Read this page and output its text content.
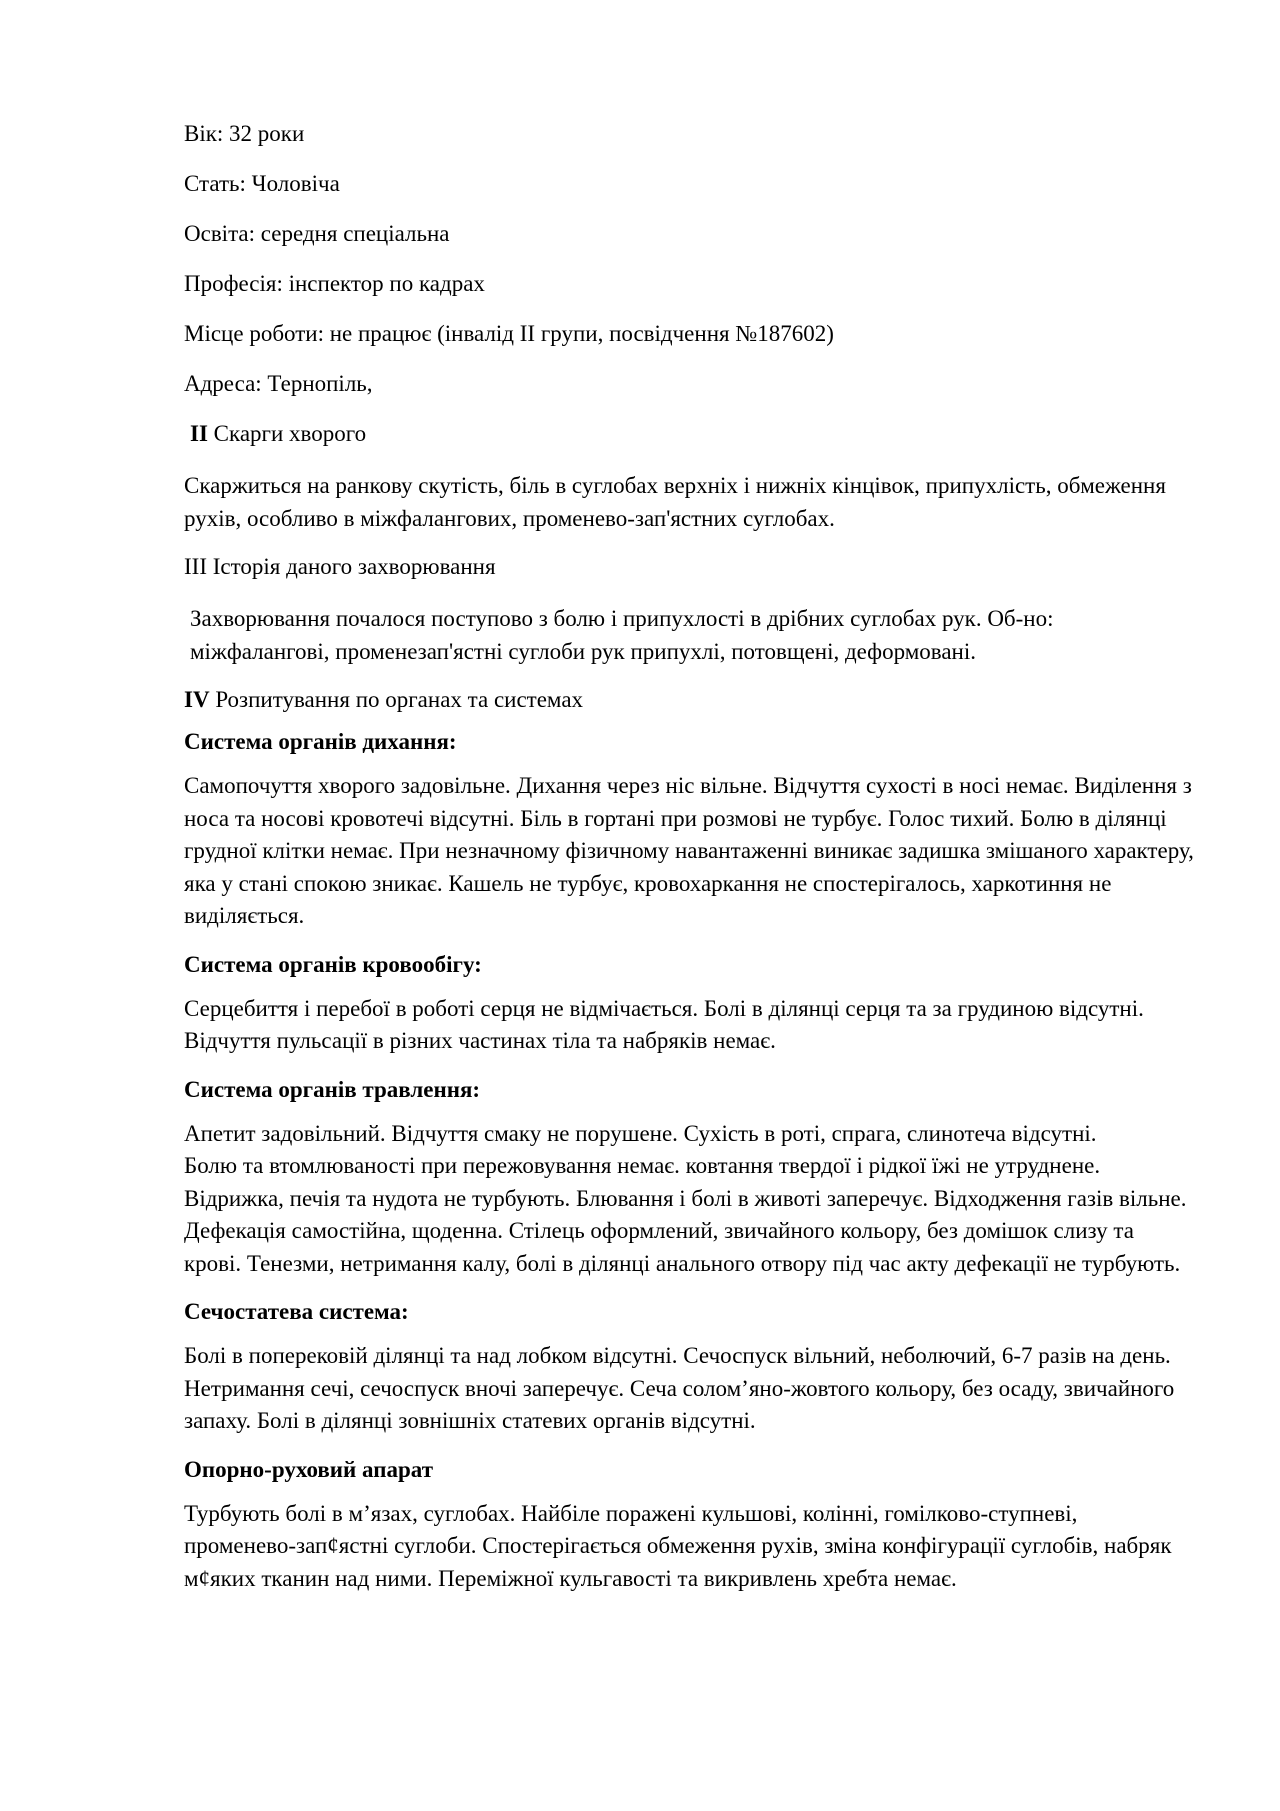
Вік: 32 роки

Стать: Чоловіча

Освіта: середня спеціальна

Професія: інспектор по кадрах

Місце роботи: не працює (інвалід ІІ групи, посвідчення №187602)

Адреса: Тернопіль,

ІІ Скарги хворого

Скаржиться на ранкову скутість, біль в суглобах верхніх і нижніх кінцівок, припухлість, обмеження рухів, особливо в міжфалангових, променево-зап'ястних суглобах.

ІІІ Історія даного захворювання

Захворювання почалося поступово з болю і припухлості в дрібних суглобах рук. Об-но: міжфалангові, променезап'ястні суглоби рук припухлі, потовщені, деформовані.

IV Розпитування по органах та системах

Система органів дихання:

Самопочуття хворого задовільне. Дихання через ніс вільне. Відчуття сухості в носі немає. Виділення з носа та носові кровотечі відсутні. Біль в гортані при розмові не турбує. Голос тихий. Болю в ділянці грудної клітки немає. При незначному фізичному навантаженні виникає задишка змішаного характеру, яка у стані спокою зникає. Кашель не турбує, кровохаркання не спостерігалось, харкотиння не виділяється.

Система органів кровообігу:

Серцебиття і перебої в роботі серця не відмічається. Болі в ділянці серця та за грудиною відсутні. Відчуття пульсації в різних частинах тіла та набряків немає.

Система органів травлення:

Апетит задовільний. Відчуття смаку не порушене. Сухість в роті, спрага, слинотеча відсутні.

Болю та втомлюваності при пережовування немає. ковтання твердої і рідкої їжі не утруднене. Відрижка, печія та нудота не турбують. Блювання і болі в животі заперечує. Відходження газів вільне. Дефекація самостійна, щоденна. Стілець оформлений, звичайного кольору, без домішок слизу та крові. Тенезми, нетримання калу, болі в ділянці анального отвору під час акту дефекації не турбують.

Сечостатева система:

Болі в поперековій ділянці та над лобком відсутні. Сечоспуск вільний, неболючий, 6-7 разів на день. Нетримання сечі, сечоспуск вночі заперечує. Сеча солом’яно-жовтого кольору, без осаду, звичайного запаху. Болі в ділянці зовнішніх статевих органів відсутні.

Опорно-руховий апарат

Турбують болі в м’язах, суглобах. Найбіле поражені кульшові, колінні, гомілково-ступневі, променево-зап¢ястні суглоби. Спостерігається обмеження рухів, зміна конфігурації суглобів, набряк м¢яких тканин над ними. Переміжної кульгавості та викривлень хребта немає.
